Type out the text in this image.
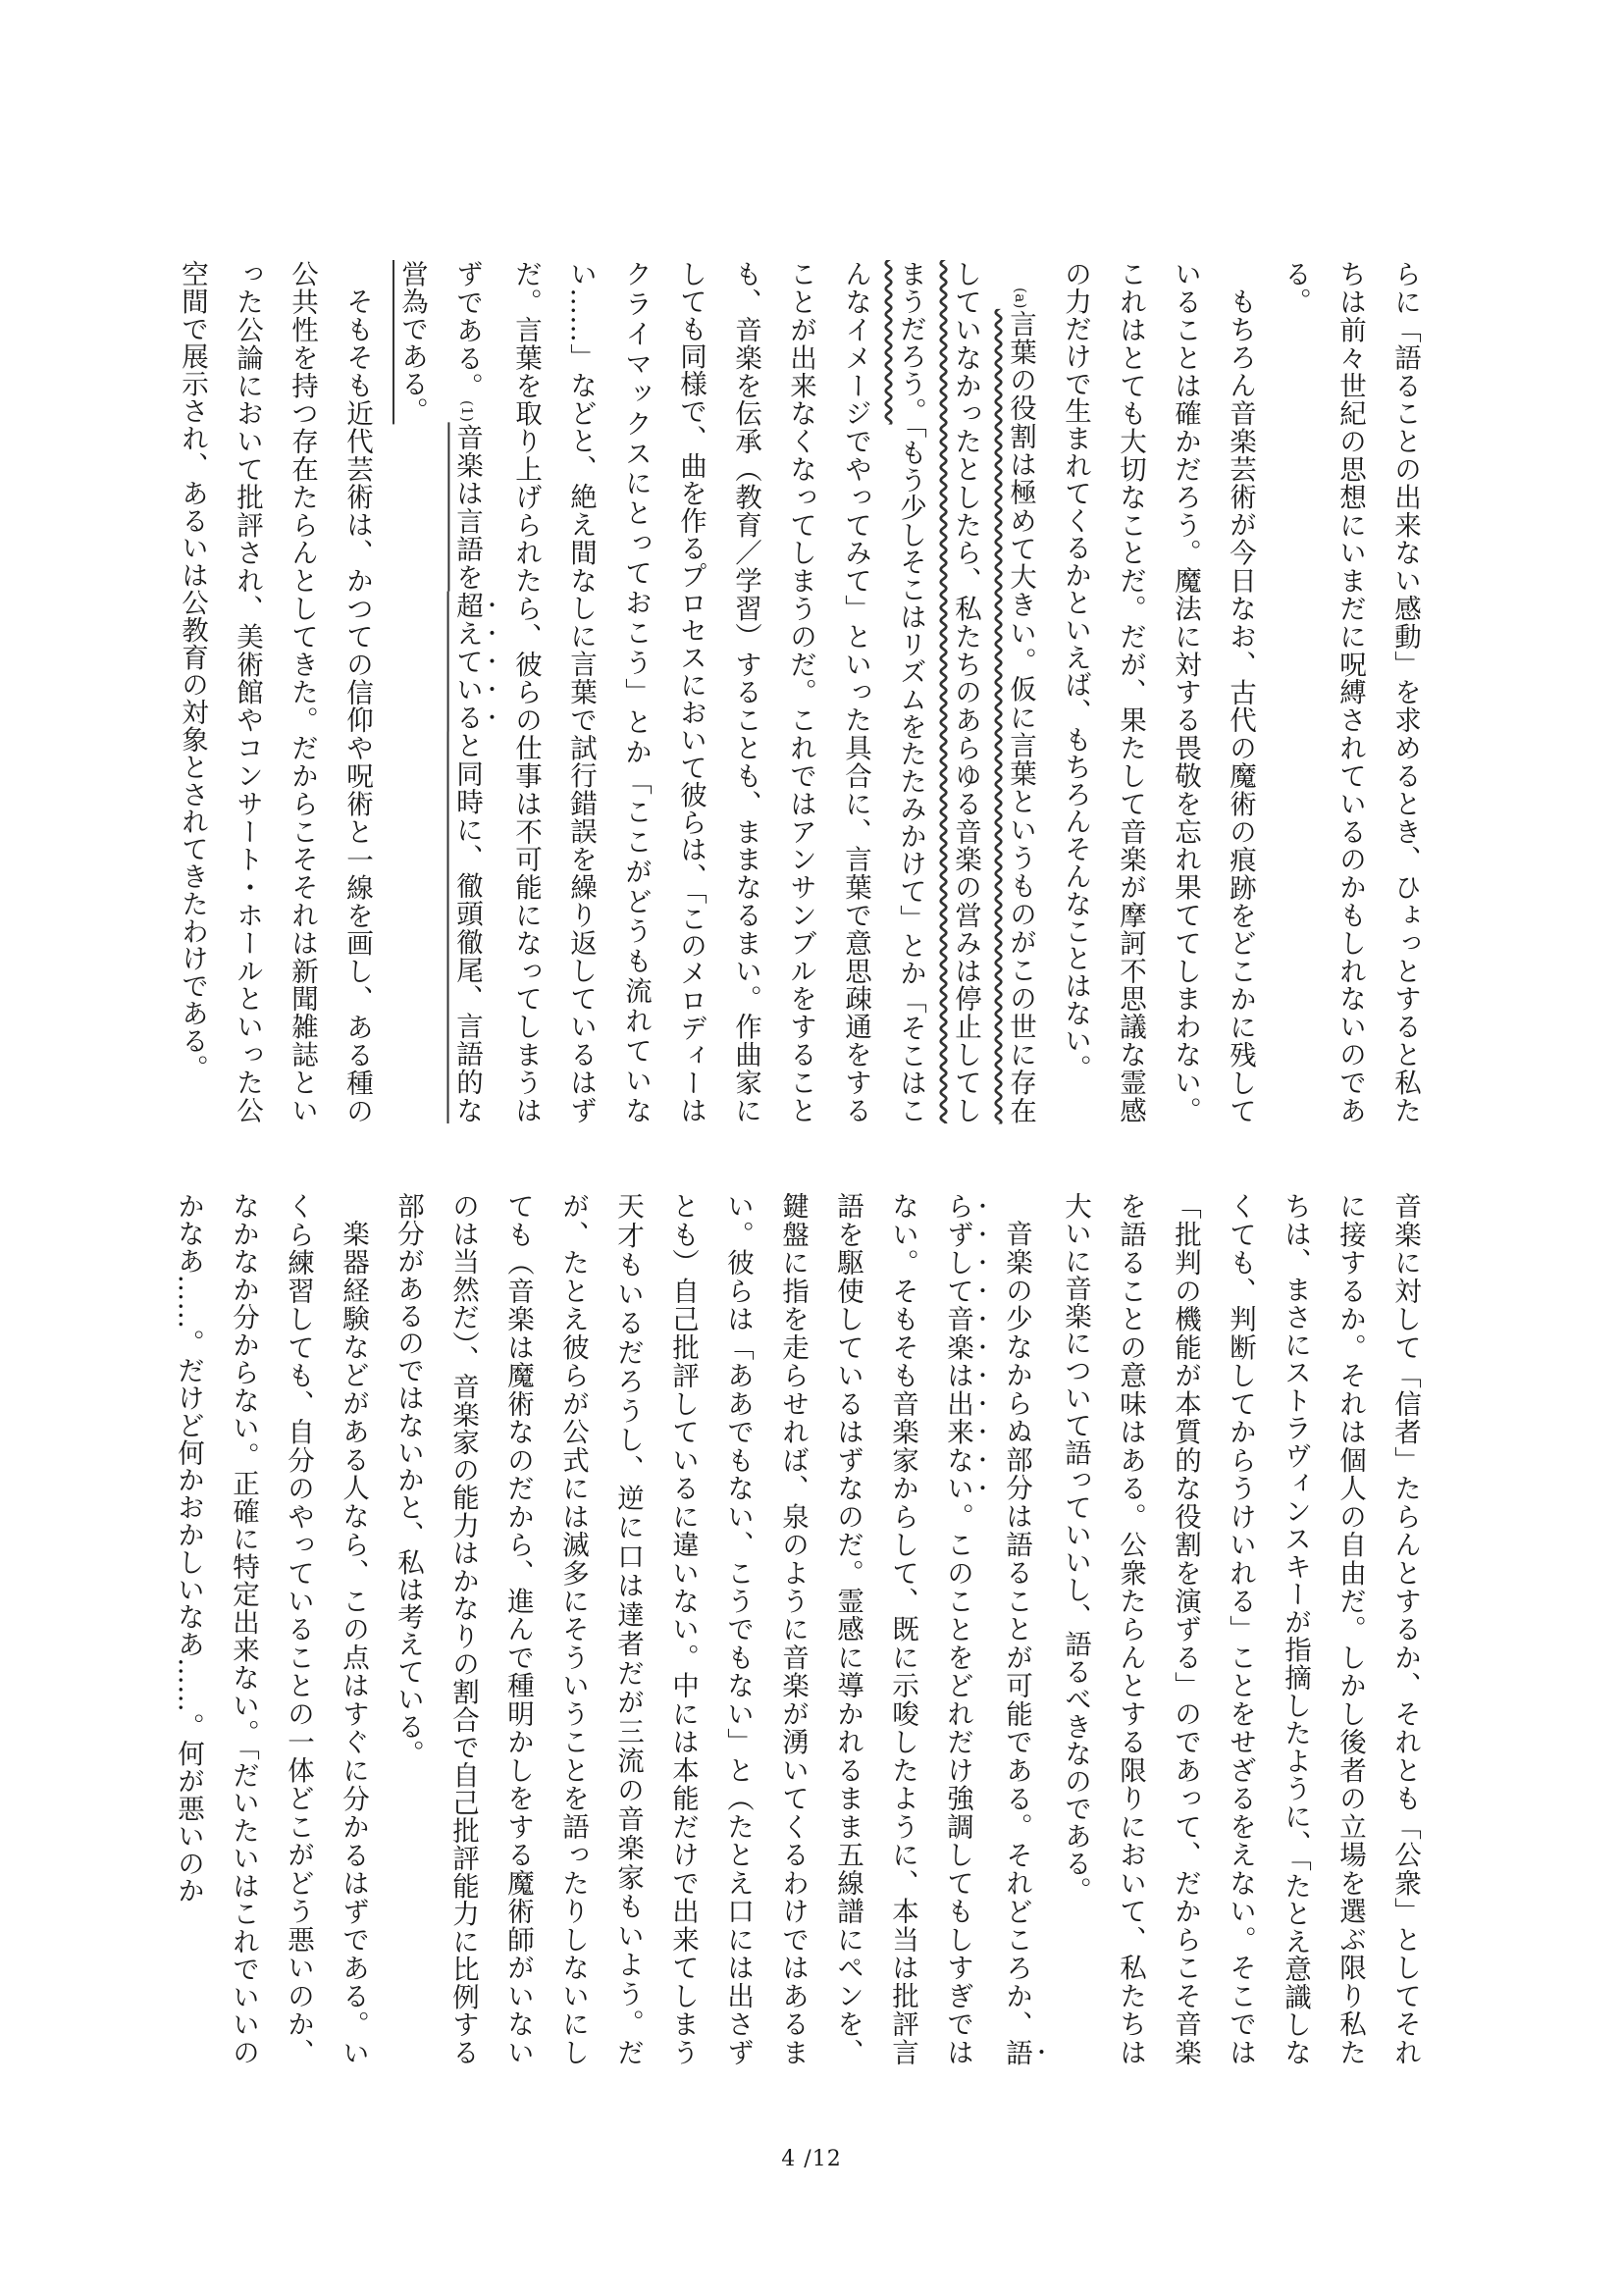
らに「語ることの出来ない感動」を求めるとき、ひょっとすると私たちは前々世紀の思想にいまだに呪縛されているのかもしれないのである。

もちろん音楽芸術が今日なお、古代の魔術の痕跡をどこかに残していることは確かだろう。魔法に対する畏敬を忘れ果ててしまわない。これはとても大切なことだ。だが、果たして音楽が摩訶不思議な霊感の力だけで生まれてくるかといえば、もちろんそんなことはない。

(a)言葉の役割は極めて大きい。仮に言葉というものがこの世に存在していなかったとしたら、私たちのあらゆる音楽の営みは停止してしまうだろう。「もう少しそこはリズムをたたみかけて」とか「そこはこんなイメージでやってみて」といった具合に、言葉で意思疎通をすることが出来なくなってしまうのだ。これではアンサンブルをすることも、音楽を伝承（教育／学習）することも、ままなるまい。作曲家にしても同様で、曲を作るプロセスにおいて彼らは、「このメロディーはクライマックスにとっておこう」とか「ここがどうも流れていない……」などと、絶え間なしに言葉で試行錯誤を繰り返しているはずだ。言葉を取り上げられたら、彼らの仕事は不可能になってしまうはずである。(1)音楽は言語を超えていると同時に、徹頭徹尾、言語的な営為である。

そもそも近代芸術は、かつての信仰や呪術と一線を画し、ある種の公共性を持つ存在たらんとしてきた。だからこそそれは新聞雑誌といった公論において批評され、美術館やコンサート・ホールといった公空間で展示され、あるいは公教育の対象とされてきたわけである。

音楽に対して「信者」たらんとするか、それとも「公衆」としてそれに接するか。それは個人の自由だ。しかし後者の立場を選ぶ限り私たちは、まさにストラヴィンスキーが指摘したように、「たとえ意識しなくても、判断してからうけいれる」ことをせざるをえない。そこでは「批判の機能が本質的な役割を演ずる」のであって、だからこそ音楽を語ることの意味はある。公衆たらんとする限りにおいて、私たちは大いに音楽について語っていいし、語るべきなのである。

音楽の少なからぬ部分は語ることが可能である。それどころか、語らずして音楽は出来ない。このことをどれだけ強調してもしすぎではない。そもそも音楽家からして、既に示唆したように、本当は批評言語を駆使しているはずなのだ。霊感に導かれるまま五線譜にペンを、鍵盤に指を走らせれば、泉のように音楽が湧いてくるわけではあるまい。彼らは「ああでもない、こうでもない」と（たとえ口には出さずとも）自己批評しているに違いない。中には本能だけで出来てしまう天才もいるだろうし、逆に口は達者だが三流の音楽家もいよう。だが、たとえ彼らが公式には滅多にそういうことを語ったりしないにしても（音楽は魔術なのだから、進んで種明かしをする魔術師がいないのは当然だ）、音楽家の能力はかなりの割合で自己批評能力に比例する部分があるのではないかと、私は考えている。

楽器経験などがある人なら、この点はすぐに分かるはずである。いくら練習しても、自分のやっていることの一体どこがどう悪いのか、なかなか分からない。正確に特定出来ない。「だいたいはこれでいいのかなあ……。だけど何かおかしいなあ……。何が悪いのか

4 /12
